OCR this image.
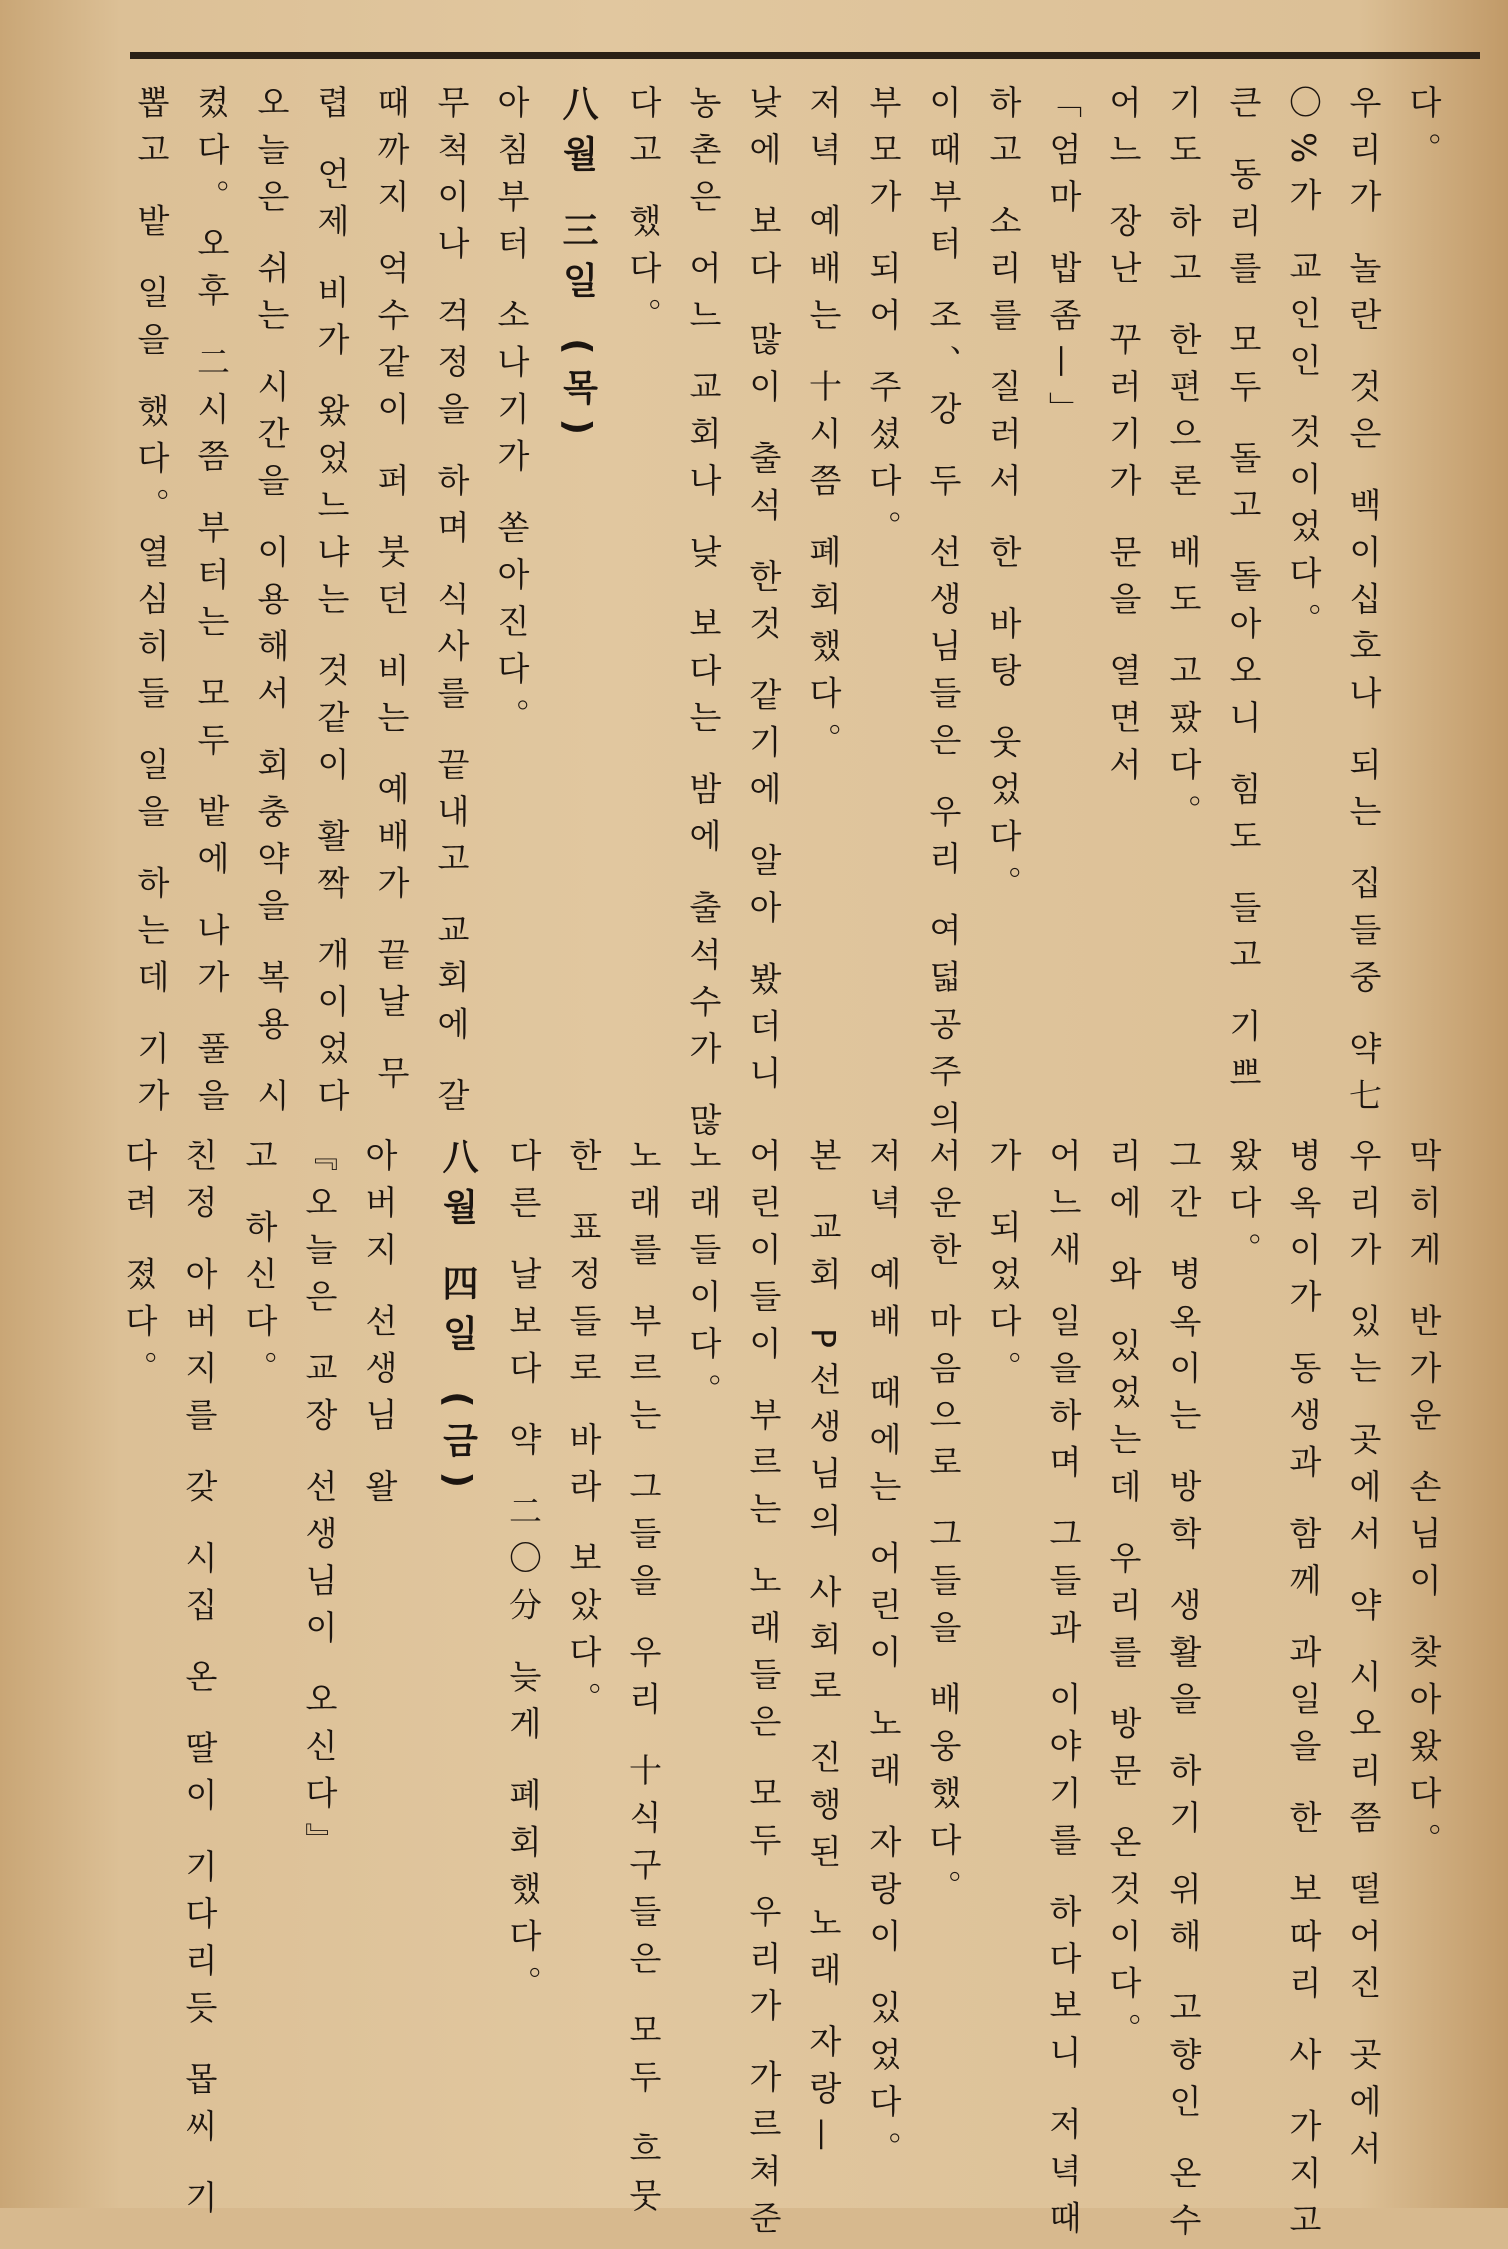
다。
우리가 놀란 것은 백이십호나 되는 집들중 약七
〇%가 교인인 것이었다。
큰 동리를 모두 돌고 돌아오니 힘도 들고 기쁘
기도 하고 한편으론 배도 고팠다。
어느 장난 꾸러기가 문을 열면서
「엄마 밥좀—」
하고 소리를 질러서 한 바탕 웃었다。
이때부터 조、강 두 선생님들은 우리 여덟공주의
부모가 되어 주셨다。
저녁 예배는 十시쯤 폐회했다。
낮에 보다 많이 출석 한것 같기에 알아 봤더니
농촌은 어느 교회나 낮 보다는 밤에 출석수가 많
다고 했다。
八월 三일 (목)
아침부터 소나기가 쏟아진다。
무척이나 걱정을 하며 식사를 끝내고 교회에 갈
때까지 억수같이 퍼 붓던 비는 예배가 끝날 무
렵 언제 비가 왔었느냐는 것같이 활짝 개이었다
오늘은 쉬는 시간을 이용해서 회충약을 복용 시
켰다。오후 二시쯤 부터는 모두 밭에 나가 풀을
뽑고 밭 일을 했다。열심히들 일을 하는데 기가
막히게 반가운 손님이 찾아왔다。
우리가 있는 곳에서 약 시오리쯤 떨어진 곳에서
병옥이가 동생과 함께 과일을 한 보따리 사 가지고
왔다。
그간 병옥이는 방학 생활을 하기 위해 고향인 온수
리에 와 있었는데 우리를 방문 온것이다。
어느새 일을하며 그들과 이야기를 하다보니 저녁때
가 되었다。
서운한 마음으로 그들을 배웅했다。
저녁 예배 때에는 어린이 노래 자랑이 있었다。
본 교회 P선생님의 사회로 진행된 노래 자랑—
어린이들이 부르는 노래들은 모두 우리가 가르쳐준
노래들이다。
노래를 부르는 그들을 우리 十식구들은 모두 흐뭇
한 표정들로 바라 보았다。
다른 날보다 약 二〇分 늦게 폐회했다。
八월 四일 (금)
아버지 선생님 왈
『오늘은 교장 선생님이 오신다』
고 하신다。
친정 아버지를 갖 시집 온 딸이 기다리듯 몹씨 기
다려 졌다。
